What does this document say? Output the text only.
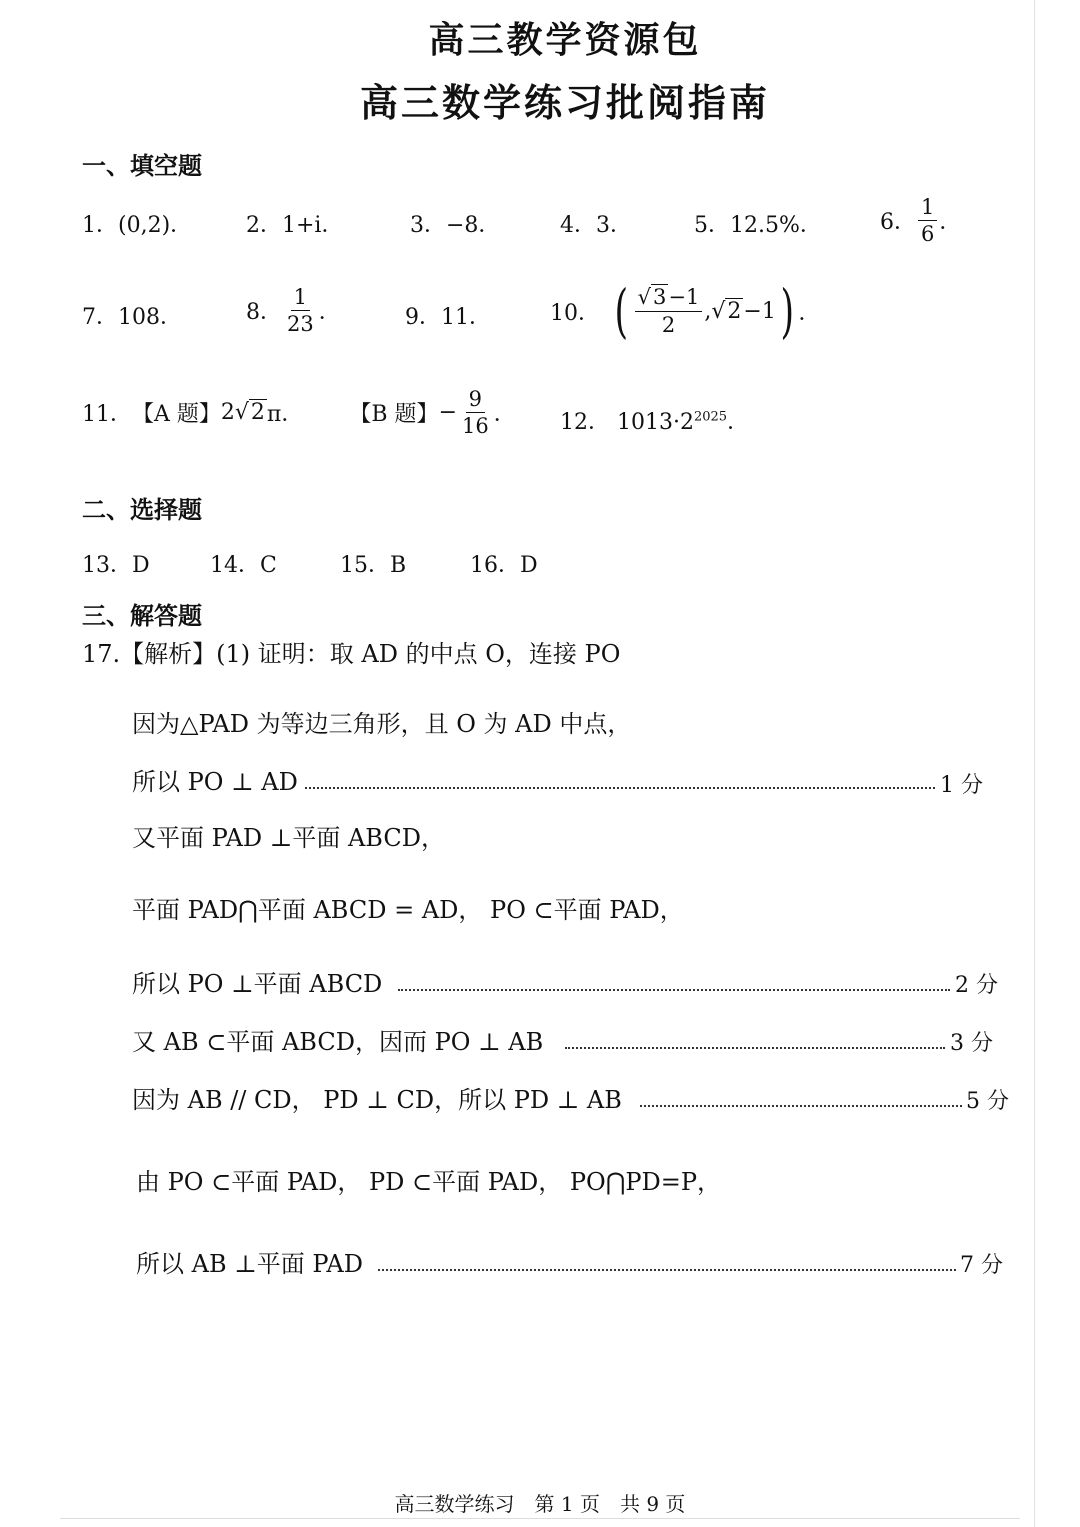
高三教学资源包
高三数学练习批阅指南
一、填空题
1．(0,2)． 2．1+i．	3．−8．	4．3．	5．12.5%．	6． $\frac{1}{6}$ ．
7．108．	8． $\frac{1}{23}$ ．	9．11．	10． ( $\frac{√3-1}{2}$ , √2−1 ) ．
11． 【A 题】 2 √2 π． 【B 题】 − $\frac{9}{16}$ ． 12． $1013\cdot 2^{2025}$．
二、选择题
13．D	14．C	15．B	16．D
三、解答题
17.【解析】(1) 证明：取 AD 的中点 O，连接 PO
因为△PAD 为等边三角形，且 O 为 AD 中点，
所以 PO ⊥ AD	1 分
又平面 PAD ⊥平面 ABCD，
平面 PAD⋂平面 ABCD = AD， PO ⊂平面 PAD，
所以 PO ⊥平面 ABCD	2 分
又 AB ⊂平面 ABCD，因而 PO ⊥ AB	3 分
因为 AB // CD， PD ⊥ CD，所以 PD ⊥ AB	5 分
由 PO ⊂平面 PAD， PD ⊂平面 PAD， PO⋂PD=P，
所以 AB ⊥平面 PAD	7 分
高三数学练习　第 1 页　共 9 页
